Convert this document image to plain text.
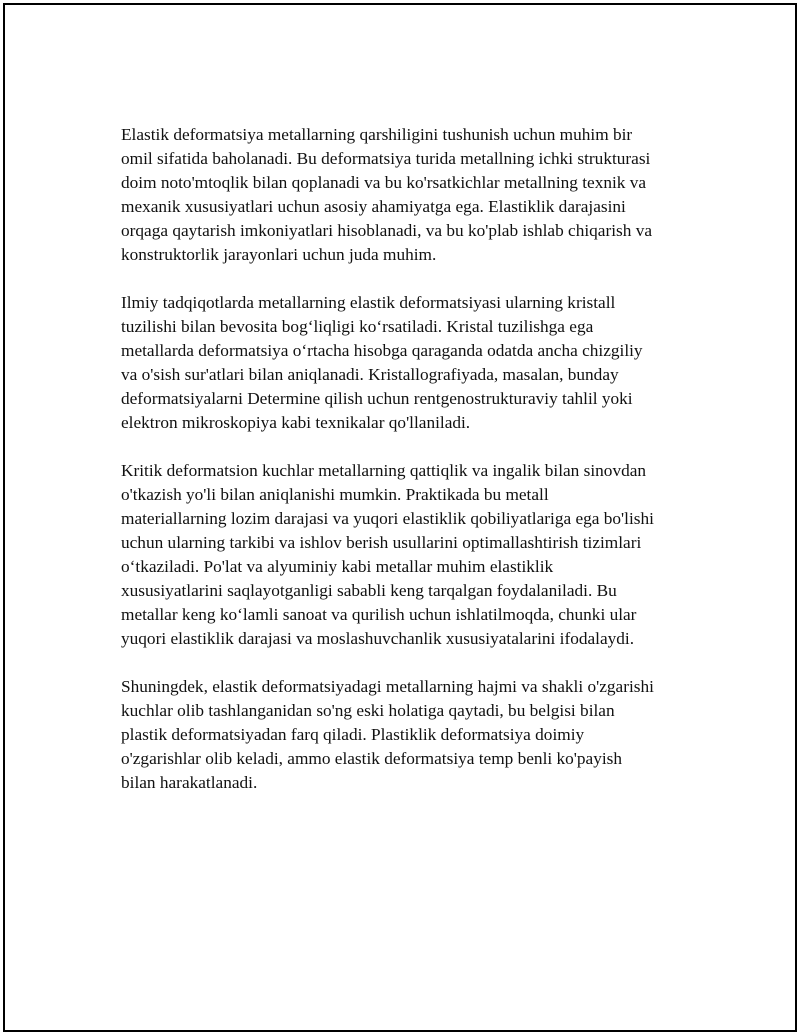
Elastik deformatsiya metallarning qarshiligini tushunish uchun muhim bir
omil sifatida baholanadi. Bu deformatsiya turida metallning ichki strukturasi
doim noto'mtoqlik bilan qoplanadi va bu ko'rsatkichlar metallning texnik va
mexanik xususiyatlari uchun asosiy ahamiyatga ega. Elastiklik darajasini
orqaga qaytarish imkoniyatlari hisoblanadi, va bu ko'plab ishlab chiqarish va
konstruktorlik jarayonlari uchun juda muhim.

Ilmiy tadqiqotlarda metallarning elastik deformatsiyasi ularning kristall
tuzilishi bilan bevosita bog‘liqligi ko‘rsatiladi. Kristal tuzilishga ega
metallarda deformatsiya o‘rtacha hisobga qaraganda odatda ancha chizgiliy
va o'sish sur'atlari bilan aniqlanadi. Kristallografiyada, masalan, bunday
deformatsiyalarni Determine qilish uchun rentgenostrukturaviy tahlil yoki
elektron mikroskopiya kabi texnikalar qo'llaniladi.

Kritik deformatsion kuchlar metallarning qattiqlik va ingalik bilan sinovdan
o'tkazish yo'li bilan aniqlanishi mumkin. Praktikada bu metall
materiallarning lozim darajasi va yuqori elastiklik qobiliyatlariga ega bo'lishi
uchun ularning tarkibi va ishlov berish usullarini optimallashtirish tizimlari
o‘tkaziladi. Po'lat va alyuminiy kabi metallar muhim elastiklik
xususiyatlarini saqlayotganligi sababli keng tarqalgan foydalaniladi. Bu
metallar keng ko‘lamli sanoat va qurilish uchun ishlatilmoqda, chunki ular
yuqori elastiklik darajasi va moslashuvchanlik xususiyatalarini ifodalaydi.

Shuningdek, elastik deformatsiyadagi metallarning hajmi va shakli o'zgarishi
kuchlar olib tashlanganidan so'ng eski holatiga qaytadi, bu belgisi bilan
plastik deformatsiyadan farq qiladi. Plastiklik deformatsiya doimiy
o'zgarishlar olib keladi, ammo elastik deformatsiya temp benli ko'payish
bilan harakatlanadi.
